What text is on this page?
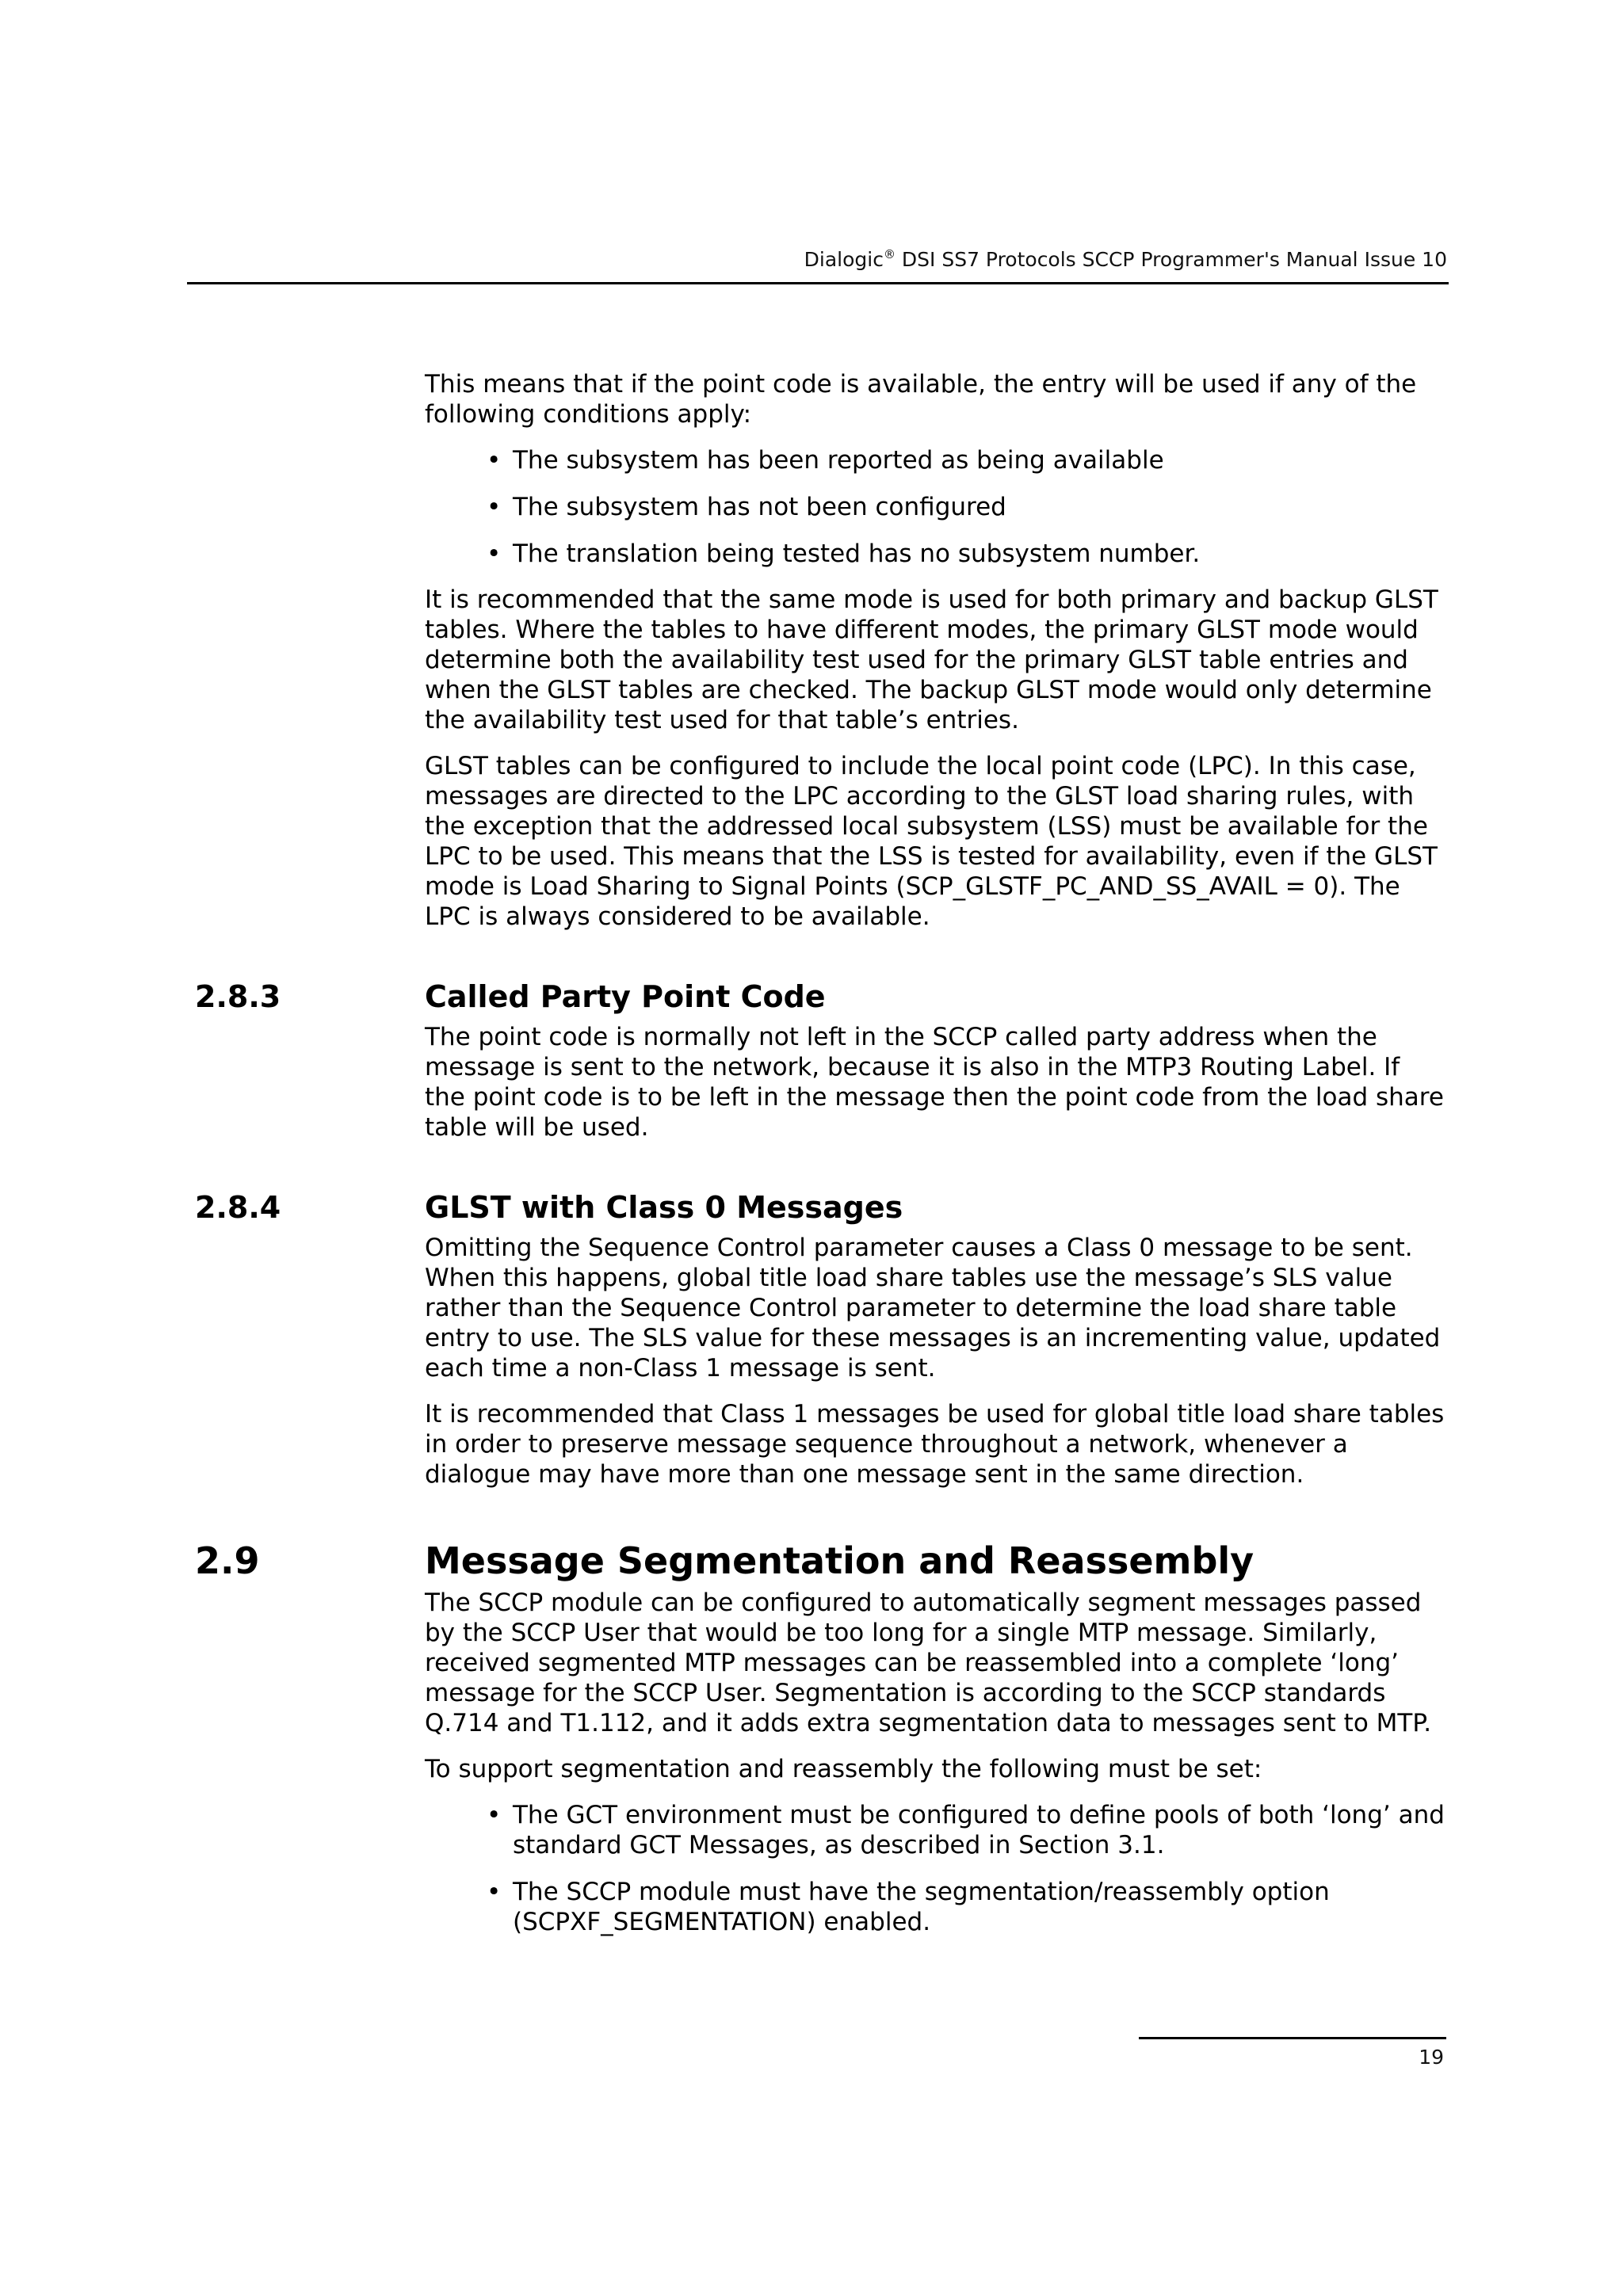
Dialogic® DSI SS7 Protocols SCCP Programmer's Manual Issue 10

This means that if the point code is available, the entry will be used if any of the following conditions apply:

• The subsystem has been reported as being available
• The subsystem has not been configured
• The translation being tested has no subsystem number.

It is recommended that the same mode is used for both primary and backup GLST tables. Where the tables to have different modes, the primary GLST mode would determine both the availability test used for the primary GLST table entries and when the GLST tables are checked. The backup GLST mode would only determine the availability test used for that table’s entries.

GLST tables can be configured to include the local point code (LPC). In this case, messages are directed to the LPC according to the GLST load sharing rules, with the exception that the addressed local subsystem (LSS) must be available for the LPC to be used. This means that the LSS is tested for availability, even if the GLST mode is Load Sharing to Signal Points (SCP_GLSTF_PC_AND_SS_AVAIL = 0). The LPC is always considered to be available.

2.8.3	Called Party Point Code

The point code is normally not left in the SCCP called party address when the message is sent to the network, because it is also in the MTP3 Routing Label. If the point code is to be left in the message then the point code from the load share table will be used.

2.8.4	GLST with Class 0 Messages

Omitting the Sequence Control parameter causes a Class 0 message to be sent. When this happens, global title load share tables use the message’s SLS value rather than the Sequence Control parameter to determine the load share table entry to use. The SLS value for these messages is an incrementing value, updated each time a non-Class 1 message is sent.

It is recommended that Class 1 messages be used for global title load share tables in order to preserve message sequence throughout a network, whenever a dialogue may have more than one message sent in the same direction.

2.9	Message Segmentation and Reassembly

The SCCP module can be configured to automatically segment messages passed by the SCCP User that would be too long for a single MTP message. Similarly, received segmented MTP messages can be reassembled into a complete ‘long’ message for the SCCP User. Segmentation is according to the SCCP standards Q.714 and T1.112, and it adds extra segmentation data to messages sent to MTP.

To support segmentation and reassembly the following must be set:

• The GCT environment must be configured to define pools of both ‘long’ and standard GCT Messages, as described in Section 3.1.
• The SCCP module must have the segmentation/reassembly option (SCPXF_SEGMENTATION) enabled.
19
